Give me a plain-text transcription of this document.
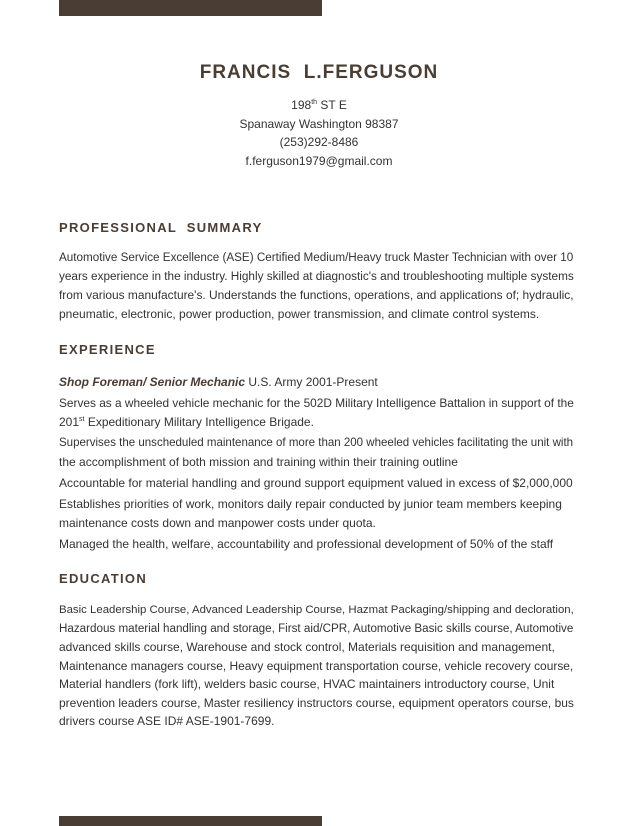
FRANCIS  L.FERGUSON
198th ST E
Spanaway Washington 98387
(253)292-8486
f.ferguson1979@gmail.com
PROFESSIONAL  SUMMARY

Automotive Service Excellence (ASE) Certified Medium/Heavy truck Master Technician with over 10
years experience in the industry. Highly skilled at diagnostic's and troubleshooting multiple systems
from various manufacture's. Understands the functions, operations, and applications of; hydraulic,
pneumatic, electronic, power production, power transmission, and climate control systems.

EXPERIENCE

Shop Foreman/ Senior Mechanic U.S. Army 2001-Present

Serves as a wheeled vehicle mechanic for the 502D Military Intelligence Battalion in support of the
201st Expeditionary Military Intelligence Brigade.

Supervises the unscheduled maintenance of more than 200 wheeled vehicles facilitating the unit with
the accomplishment of both mission and training within their training outline

Accountable for material handling and ground support equipment valued in excess of $2,000,000

Establishes priorities of work, monitors daily repair conducted by junior team members keeping
maintenance costs down and manpower costs under quota.

Managed the health, welfare, accountability and professional development of 50% of the staff

EDUCATION

Basic Leadership Course, Advanced Leadership Course, Hazmat Packaging/shipping and decloration,
Hazardous material handling and storage, First aid/CPR, Automotive Basic skills course, Automotive
advanced skills course, Warehouse and stock control, Materials requisition and management,
Maintenance managers course, Heavy equipment transportation course, vehicle recovery course,
Material handlers (fork lift), welders basic course, HVAC maintainers introductory course, Unit
prevention leaders course, Master resiliency instructors course, equipment operators course, bus
drivers course ASE ID# ASE-1901-7699.
